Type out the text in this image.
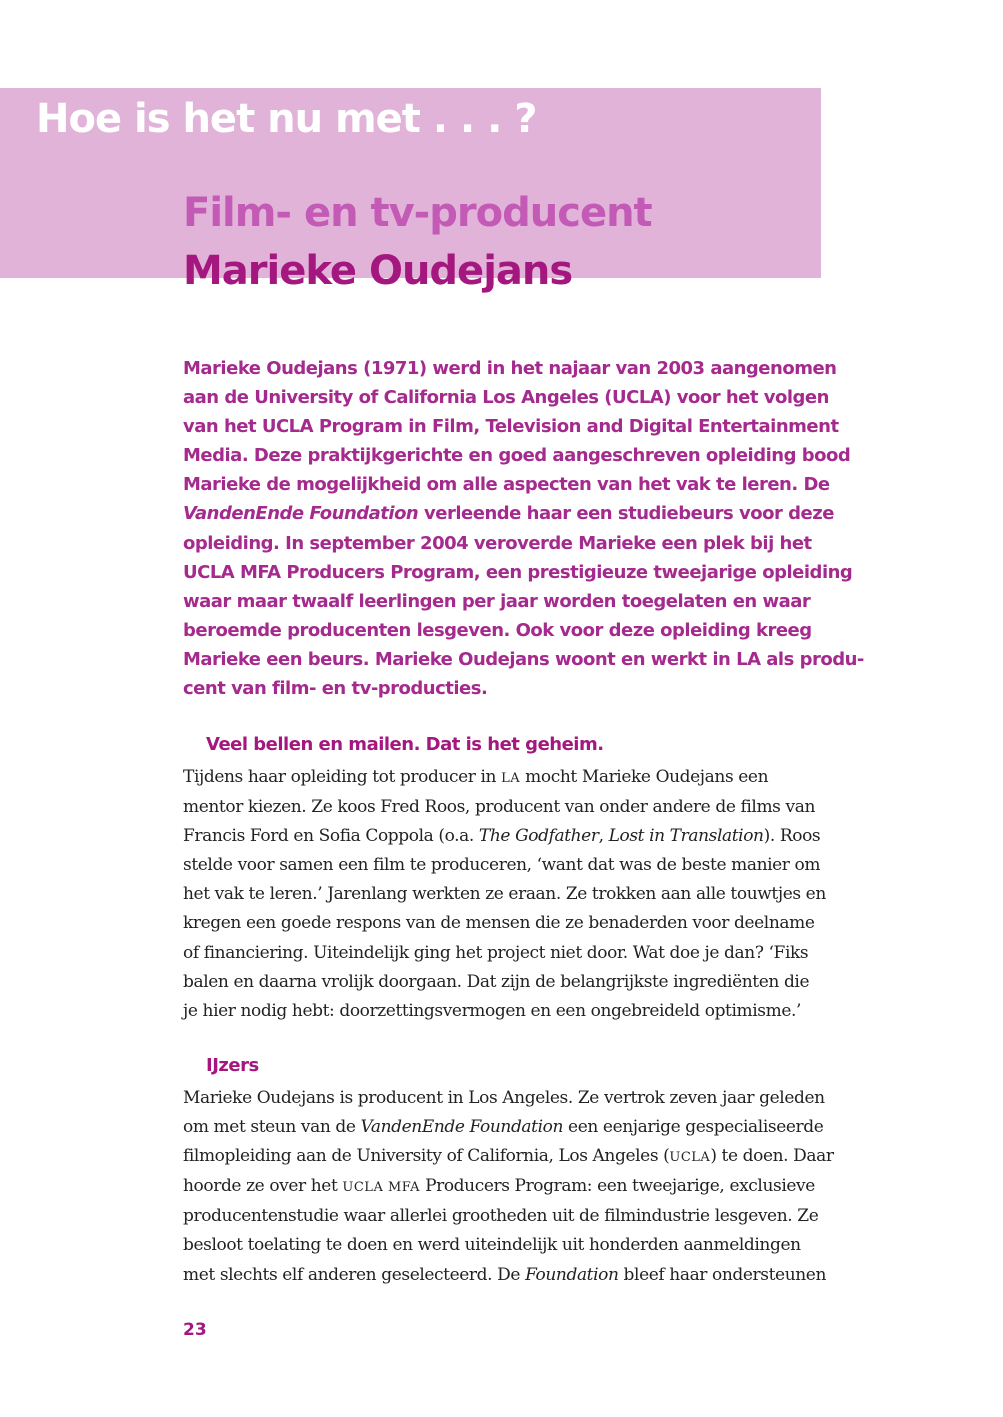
Hoe is het nu met . . . ?
Film- en tv-producent
Marieke Oudejans
Marieke Oudejans (1971) werd in het najaar van 2003 aangenomen
aan de University of California Los Angeles (UCLA) voor het volgen
van het UCLA Program in Film, Television and Digital Entertainment
Media. Deze praktijkgerichte en goed aangeschreven opleiding bood
Marieke de mogelijkheid om alle aspecten van het vak te leren. De
VandenEnde Foundation verleende haar een studiebeurs voor deze
opleiding. In september 2004 veroverde Marieke een plek bij het
UCLA MFA Producers Program, een prestigieuze tweejarige opleiding
waar maar twaalf leerlingen per jaar worden toegelaten en waar
beroemde producenten lesgeven. Ook voor deze opleiding kreeg
Marieke een beurs. Marieke Oudejans woont en werkt in LA als produ-
cent van film- en tv-producties.
Veel bellen en mailen. Dat is het geheim.
Tijdens haar opleiding tot producer in LA mocht Marieke Oudejans een
mentor kiezen. Ze koos Fred Roos, producent van onder andere de films van
Francis Ford en Sofia Coppola (o.a. The Godfather, Lost in Translation). Roos
stelde voor samen een film te produceren, ‘want dat was de beste manier om
het vak te leren.’ Jarenlang werkten ze eraan. Ze trokken aan alle touwtjes en
kregen een goede respons van de mensen die ze benaderden voor deelname
of financiering. Uiteindelijk ging het project niet door. Wat doe je dan? ‘Fiks
balen en daarna vrolijk doorgaan. Dat zijn de belangrijkste ingrediënten die
je hier nodig hebt: doorzettingsvermogen en een ongebreideld optimisme.’
IJzers
Marieke Oudejans is producent in Los Angeles. Ze vertrok zeven jaar geleden
om met steun van de VandenEnde Foundation een eenjarige gespecialiseerde
filmopleiding aan de University of California, Los Angeles (UCLA) te doen. Daar
hoorde ze over het UCLA MFA Producers Program: een tweejarige, exclusieve
producentenstudie waar allerlei grootheden uit de filmindustrie lesgeven. Ze
besloot toelating te doen en werd uiteindelijk uit honderden aanmeldingen
met slechts elf anderen geselecteerd. De Foundation bleef haar ondersteunen
23
